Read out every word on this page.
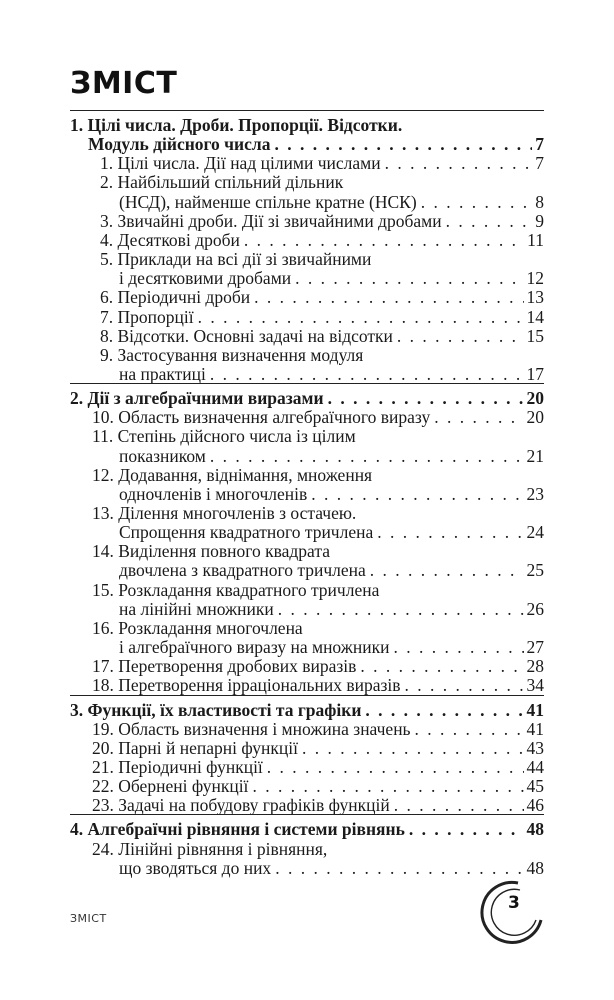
ЗМІСТ
1. Цілі числа. Дроби. Пропорції. Відсотки.
Модуль дійсного числа . . .	7
1. Цілі числа. Дії над цілими числами . . .	7
2. Найбільший спільний дільник
(НСД), найменше спільне кратне (НСК) . . .	8
3. Звичайні дроби. Дії зі звичайними дробами . . .	9
4. Десяткові дроби . . .	11
5. Приклади на всі дії зі звичайними
і десятковими дробами . . .	12
6. Періодичні дроби . . .	13
7. Пропорції . . .	14
8. Відсотки. Основні задачі на відсотки . . .	15
9. Застосування визначення модуля
на практиці . . .	17
2. Дії з алгебраїчними виразами . . .	20
10. Область визначення алгебраїчного виразу . . .	20
11. Степінь дійсного числа із цілим
показником . . .	21
12. Додавання, віднімання, множення
одночленів і многочленів . . .	23
13. Ділення многочленів з остачею.
Спрощення квадратного тричлена . . .	24
14. Виділення повного квадрата
двочлена з квадратного тричлена . . .	25
15. Розкладання квадратного тричлена
на лінійні множники . . .	26
16. Розкладання многочлена
і алгебраїчного виразу на множники . . .	27
17. Перетворення дробових виразів . . .	28
18. Перетворення ірраціональних виразів . . .	34
3. Функції, їх властивості та графіки . . .	41
19. Область визначення і множина значень . . .	41
20. Парні й непарні функції . . .	43
21. Періодичні функції . . .	44
22. Обернені функції . . .	45
23. Задачі на побудову графіків функцій . . .	46
4. Алгебраїчні рівняння і системи рівнянь . . .	48
24. Лінійні рівняння і рівняння,
що зводяться до них . . .	48
ЗМІСТ
3
